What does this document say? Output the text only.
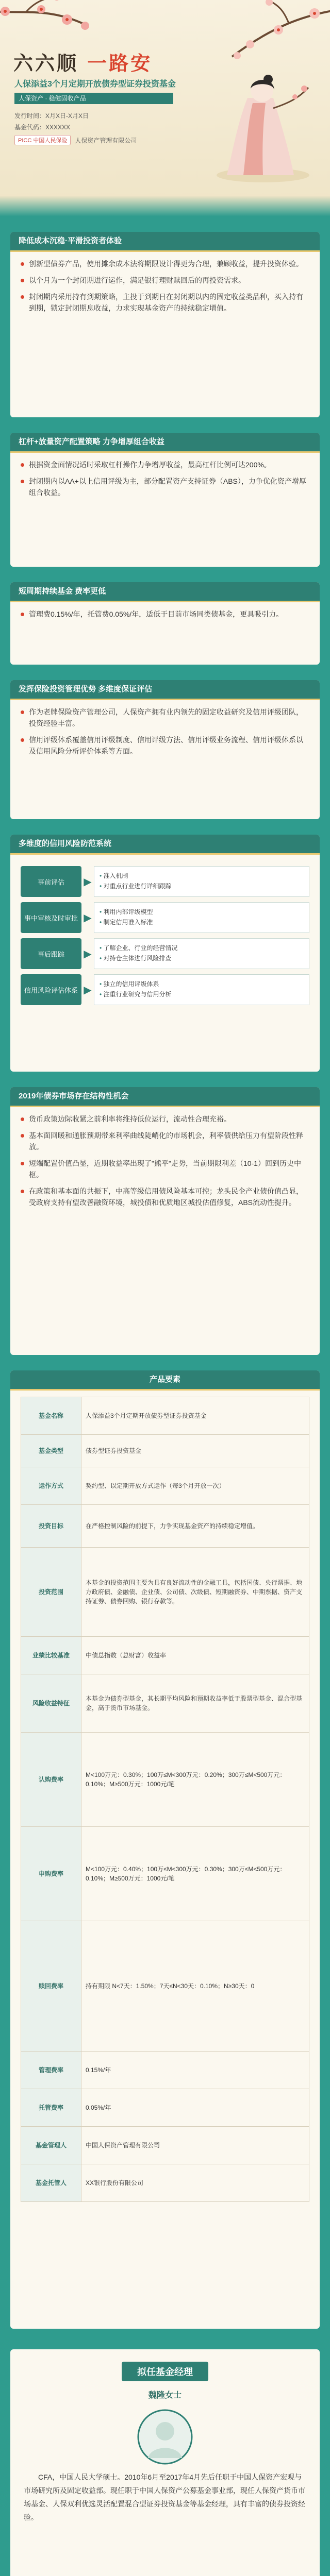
六六顺 一路安
人保添益3个月定期开放债券型证券投资基金
人保资产 · 稳健固收产品
发行时间：X月X日-X月X日
基金代码：XXXXXX
PICC 中国人民保险	人保资产管理有限公司
降低成本沉稳·平滑投资者体验

创新型债券产品，使用摊余成本法将期限设计得更为合理，兼顾收益，提升投资体验。

以个月为一个封闭期进行运作，满足银行理财赎回后的再投资需求。

封闭期内采用持有到期策略，主投于到期日在封闭期以内的固定收益类品种，买入持有到期，锁定封闭期息收益，力求实现基金资产的持续稳定增值。

杠杆+放量资产配置策略 力争增厚组合收益

根据资金面情况适时采取杠杆操作力争增厚收益，最高杠杆比例可达200%。

封闭期内以AA+以上信用评级为主，部分配置资产支持证券（ABS），力争优化资产增厚组合收益。

短周期持续基金 费率更低

管理费0.15%/年，托管费0.05%/年，适低于目前市场同类债基金，更具吸引力。

发挥保险投资管理优势 多维度保证评估

作为老牌保险资产管理公司，人保资产拥有业内领先的固定收益研究及信用评级团队，投资经验丰富。

信用评级体系覆盖信用评级制度、信用评级方法、信用评级业务流程、信用评级体系以及信用风险分析评价体系等方面。

多维度的信用风险防范系统
事前评估	▶
• 准入机制
• 对重点行业进行详细跟踪
事中审核及时审批 ▶
• 利用内部评级模型
• 制定信用准入标准
事后跟踪	▶
• 了解企业、行业的经营情况
• 对持仓主体进行风险排查
信用风险评估体系 ▶
• 独立的信用评级体系
• 注重行业研究与信用分析
2019年债券市场存在结构性机会

货币政策边际收紧之前利率将维持低位运行，流动性合理充裕。

基本面回暖和通胀预期带来利率曲线陡峭化的市场机会，利率债供给压力有望阶段性释放。

短端配置价值凸显，近期收益率出现了"熊平"走势，当前期限利差（10-1）回到历史中枢。

在政策和基本面的共振下，中高等级信用债风险基本可控；龙头民企产业债价值凸显，受政府支持有望改善融资环境，城投债和优质地区城投估值修复，ABS流动性提升。

产品要素
基金名称	人保添益3个月定期开放债券型证券投资基金
基金类型	债券型证券投资基金
运作方式	契约型、以定期开放方式运作（每3个月开放一次）
投资目标	在严格控制风险的前提下，力争实现基金资产的持续稳定增值。
投资范围	本基金的投资范围主要为具有良好流动性的金融工具，包括国债、央行票据、地方政府债、金融债、企业债、公司债、次级债、短期融资券、中期票据、资产支持证券、债券回购、银行存款等。
业绩比较基准	中债总指数（总财富）收益率
风险收益特征	本基金为债券型基金，其长期平均风险和预期收益率低于股票型基金、混合型基金，高于货币市场基金。
认购费率	M<100万元：0.30%；100万≤M<300万元：0.20%；300万≤M<500万元：0.10%；M≥500万元：1000元/笔
申购费率	M<100万元：0.40%；100万≤M<300万元：0.30%；300万≤M<500万元：0.10%；M≥500万元：1000元/笔
赎回费率	持有期限 N<7天：1.50%；7天≤N<30天：0.10%；N≥30天：0
管理费率	0.15%/年
托管费率	0.05%/年
基金管理人	中国人保资产管理有限公司
基金托管人	XX银行股份有限公司
拟任基金经理
魏隆女士

CFA，中国人民大学硕士。2010年6月至2017年4月先后任职于中国人保资产宏观与市场研究所及固定收益部。现任职于中国人保资产公募基金事业部，现任人保资产货币市场基金、人保双利优选灵活配置混合型证券投资基金等基金经理，具有丰富的债券投资经验。
